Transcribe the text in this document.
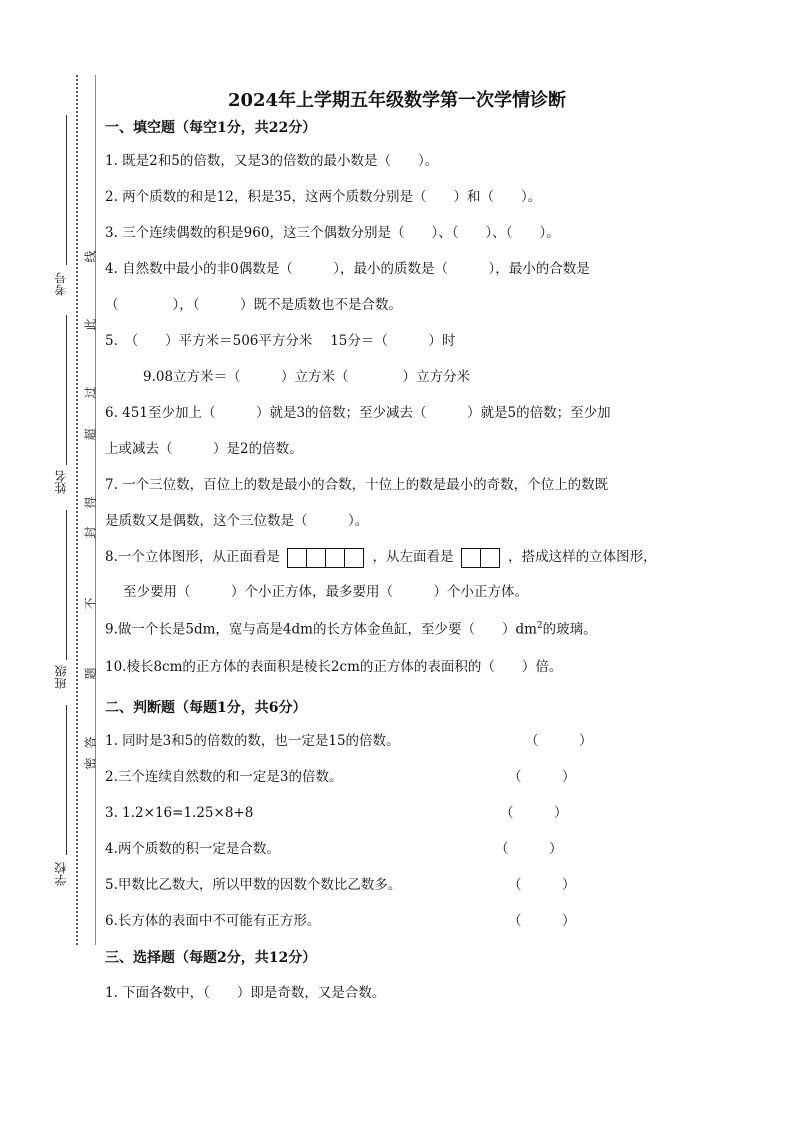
考号
姓名
班级
学校
线
此
过
超
得
封
不
题
答
密
2024年上学期五年级数学第一次学情诊断

一、填空题（每空1分，共22分）

1. 既是2和5的倍数，又是3的倍数的最小数是（　　）。

2. 两个质数的和是12，积是35，这两个质数分别是（　　）和（　　）。

3. 三个连续偶数的积是960，这三个偶数分别是（　　）、（　　）、（　　）。

4. 自然数中最小的非0偶数是（　　　），最小的质数是（　　　），最小的合数是

（　　　　），（　　　）既不是质数也不是合数。

5.　（　　）平方米＝506平方分米　 15分＝（　　　）时

9.08立方米＝（　　　）立方米（　　　　）立方分米

6. 451至少加上（　　　）就是3的倍数；至少减去（　　　）就是5的倍数；至少加

上或减去（　　　）是2的倍数。

7. 一个三位数，百位上的数是最小的合数，十位上的数是最小的奇数，个位上的数既

是质数又是偶数，这个三位数是（　　　）。

8.一个立体图形，从正面看是	，从左面看是	，搭成这样的立体图形，

至少要用（　　　）个小正方体，最多要用（　　　）个小正方体。

9.做一个长是5dm，宽与高是4dm的长方体金鱼缸，至少要（　　）$dm^2$的玻璃。

10.棱长8cm的正方体的表面积是棱长2cm的正方体的表面积的（　　）倍。

二、判断题（每题1分，共6分）

1. 同时是3和5的倍数的数，也一定是15的倍数。	（　　　）

2.三个连续自然数的和一定是3的倍数。	（　　　）

3. 1.2×16=1.25×8+8	（　　　）

4.两个质数的积一定是合数。	（　　　）

5.甲数比乙数大，所以甲数的因数个数比乙数多。	（　　　）

6.长方体的表面中不可能有正方形。	（　　　）

三、选择题（每题2分，共12分）

1. 下面各数中，（　　）即是奇数，又是合数。
